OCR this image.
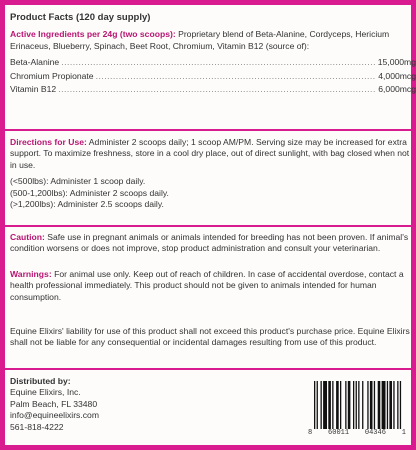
Product Facts (120 day supply)
Active Ingredients per 24g (two scoops): Proprietary blend of Beta-Alanine, Cordyceps, Hericium Erinaceus, Blueberry, Spinach, Beet Root, Chromium, Vitamin B12 (source of):
Beta-Alanine .....	15,000mg
Chromium Propionate .....	4,000mcg
Vitamin B12 .....	6,000mcg
Directions for Use: Administer 2 scoops daily; 1 scoop AM/PM. Serving size may be increased for extra support. To maximize freshness, store in a cool dry place, out of direct sunlight, with bag closed when not in use.
(<500lbs): Administer 1 scoop daily.
(500-1,200lbs): Administer 2 scoops daily.
(>1,200lbs): Administer 2.5 scoops daily.
Caution: Safe use in pregnant animals or animals intended for breeding has not been proven. If animal's condition worsens or does not improve, stop product administration and consult your veterinarian.
Warnings: For animal use only. Keep out of reach of children. In case of accidental overdose, contact a health professional immediately. This product should not be given to animals intended for human consumption.
Equine Elixirs' liability for use of this product shall not exceed this product's purchase price. Equine Elixirs shall not be liable for any consequential or incidental damages resulting from use of this product.
Distributed by:
Equine Elixirs, Inc.
Palm Beach, FL 33480
info@equineelixirs.com
561-818-4222
8 60011 04346 1
